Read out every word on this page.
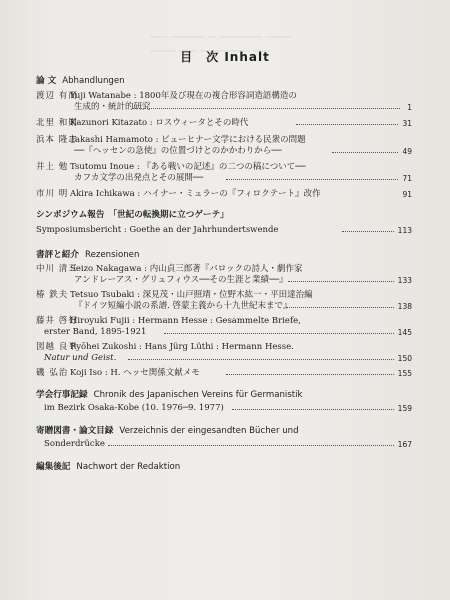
目　次 Inhalt
論 文 Abhandlungen
渡辺 有而Yuji Watanabe : 1800年及び現在の複合形容詞造語構造の
生成的・統計的研究	1
北里 和則Kazunori Kitazato : ロスウィータとその時代	31
浜本 隆志Takashi Hamamoto : ビューヒナー文学における民衆の問題
──『ヘッセンの急使』の位置づけとのかかわりから──	49
井上 勉 Tsutomu Inoue : 『ある戦いの記述』の二つの稿について──
カフカ文学の出発点とその展開──	71
市川 明 Akira Ichikawa : ハイナー・ミュラーの『フィロクテート』改作	91
シンポジウム報告 「世紀の転換期に立つゲーテ」
Symposiumsbericht : Goethe an der Jahrhundertswende	113
書評と紹介 Rezensionen
中川 清三Seizo Nakagawa : 内山貞三郎著『バロックの詩人・劇作家
アンドレーアス・グリュフィウス──その生涯と業績──』	133
椿 鉄夫 Tetsuo Tsubaki : 深見茂・山戸照靖・位野木紘一・平田達治編
『ドイツ短編小説の系譜. 啓蒙主義から十九世紀末まで』	138
藤井 啓行Hiroyuki Fujii : Hermann Hesse : Gesammelte Briefe,
erster Band, 1895-1921	145
図越 良平Ryōhei Zukoshi : Hans Jürg Lüthi : Hermann Hesse.
Natur und Geist.	150
磯 弘治 Koji Iso : H. ヘッセ関係文献メモ	155
学会行事記録 Chronik des Japanischen Vereins für Germanistik
im Bezirk Osaka-Kobe (10. 1976─9. 1977)	159
寄贈図書・論文目録 Verzeichnis der eingesandten Bücher und
Sonderdrücke	167
編集後記 Nachwort der Redaktion
